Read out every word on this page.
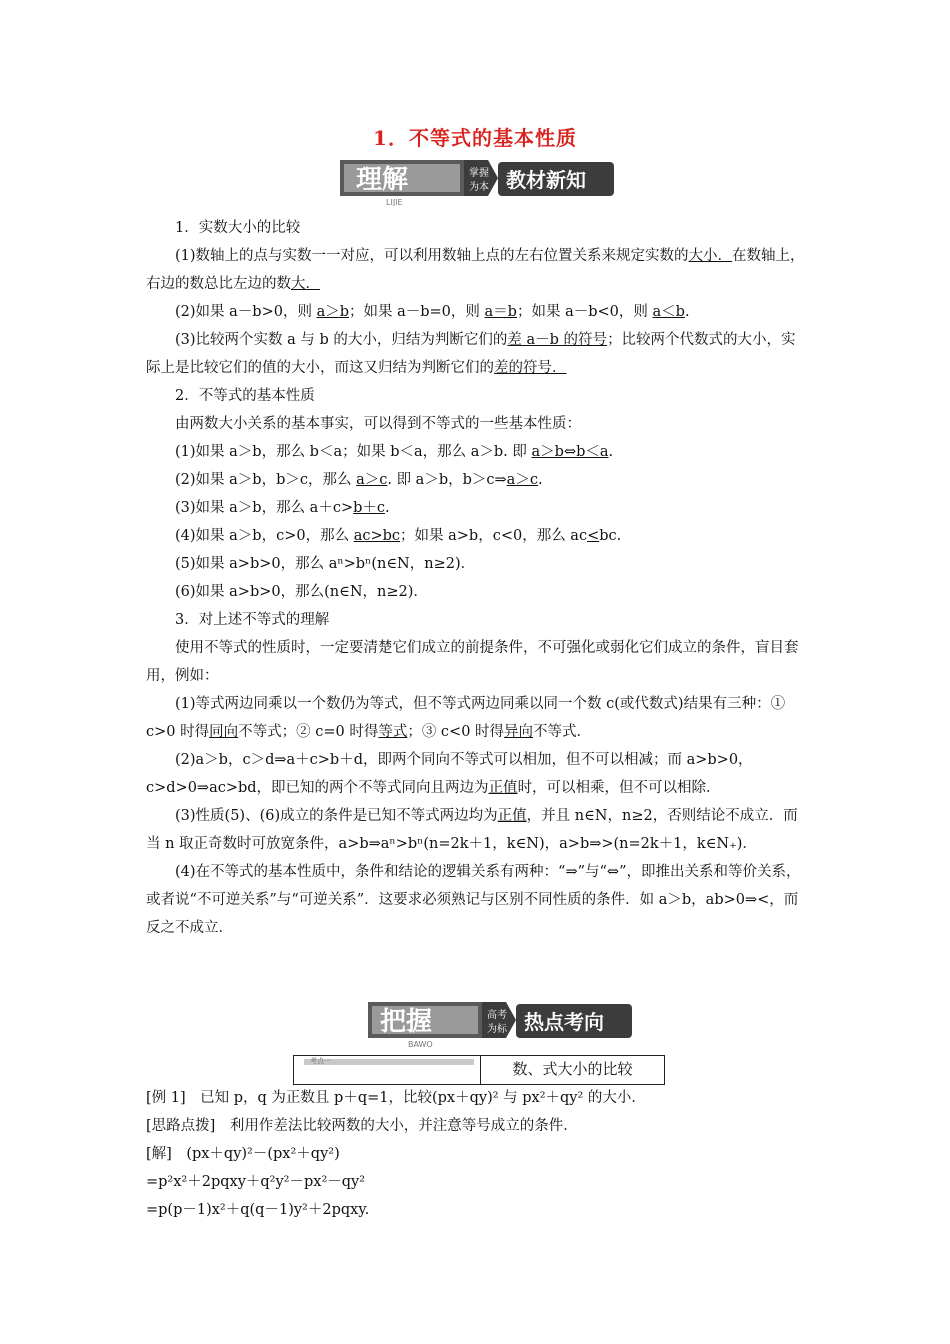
1．不等式的基本性质
理解	掌握
为本 教材新知
LIJIE

1．实数大小的比较

(1)数轴上的点与实数一一对应，可以利用数轴上点的左右位置关系来规定实数的大小．在数轴上，右边的数总比左边的数大．

(2)如果 a－b>0，则 a＞b；如果 a－b=0，则 a＝b；如果 a－b<0，则 a＜b.

(3)比较两个实数 a 与 b 的大小，归结为判断它们的差 a－b 的符号；比较两个代数式的大小，实际上是比较它们的值的大小，而这又归结为判断它们的差的符号．

2．不等式的基本性质

由两数大小关系的基本事实，可以得到不等式的一些基本性质：

(1)如果 a＞b，那么 b＜a；如果 b＜a，那么 a＞b. 即 a＞b⇔b＜a.

(2)如果 a＞b，b＞c，那么 a＞c. 即 a＞b，b＞c⇒a＞c.

(3)如果 a＞b，那么 a＋c>b＋c.

(4)如果 a＞b，c>0，那么 ac>bc；如果 a>b，c<0，那么 ac<bc.

(5)如果 a>b>0，那么 aⁿ>bⁿ(n∈N，n≥2)．

(6)如果 a>b>0，那么(n∈N，n≥2)．

3．对上述不等式的理解

使用不等式的性质时，一定要清楚它们成立的前提条件，不可强化或弱化它们成立的条件，盲目套用，例如：

(1)等式两边同乘以一个数仍为等式，但不等式两边同乘以同一个数 c(或代数式)结果有三种：① c>0 时得同向不等式；② c=0 时得等式；③ c<0 时得异向不等式．

(2)a＞b，c＞d⇒a＋c>b＋d，即两个同向不等式可以相加，但不可以相减；而 a>b>0，c>d>0⇒ac>bd，即已知的两个不等式同向且两边为正值时，可以相乘，但不可以相除．

(3)性质(5)、(6)成立的条件是已知不等式两边均为正值，并且 n∈N，n≥2，否则结论不成立．而当 n 取正奇数时可放宽条件，a>b⇒aⁿ>bⁿ(n=2k＋1，k∈N)，a>b⇒>(n=2k＋1，k∈N₊)．

(4)在不等式的基本性质中，条件和结论的逻辑关系有两种：“⇒”与“⇔”，即推出关系和等价关系，或者说“不可逆关系”与“可逆关系”．这要求必须熟记与区别不同性质的条件．如 a＞b，ab>0⇒<，而反之不成立．

把握	高考
为标 热点考向
BAWO
考点一	数、式大小的比较

[例 1]　已知 p，q 为正数且 p＋q=1，比较(px＋qy)² 与 px²＋qy² 的大小．

[思路点拨]　利用作差法比较两数的大小，并注意等号成立的条件．

[解]　(px＋qy)²－(px²＋qy²)

=p²x²＋2pqxy＋q²y²－px²－qy²

=p(p－1)x²＋q(q－1)y²＋2pqxy.
